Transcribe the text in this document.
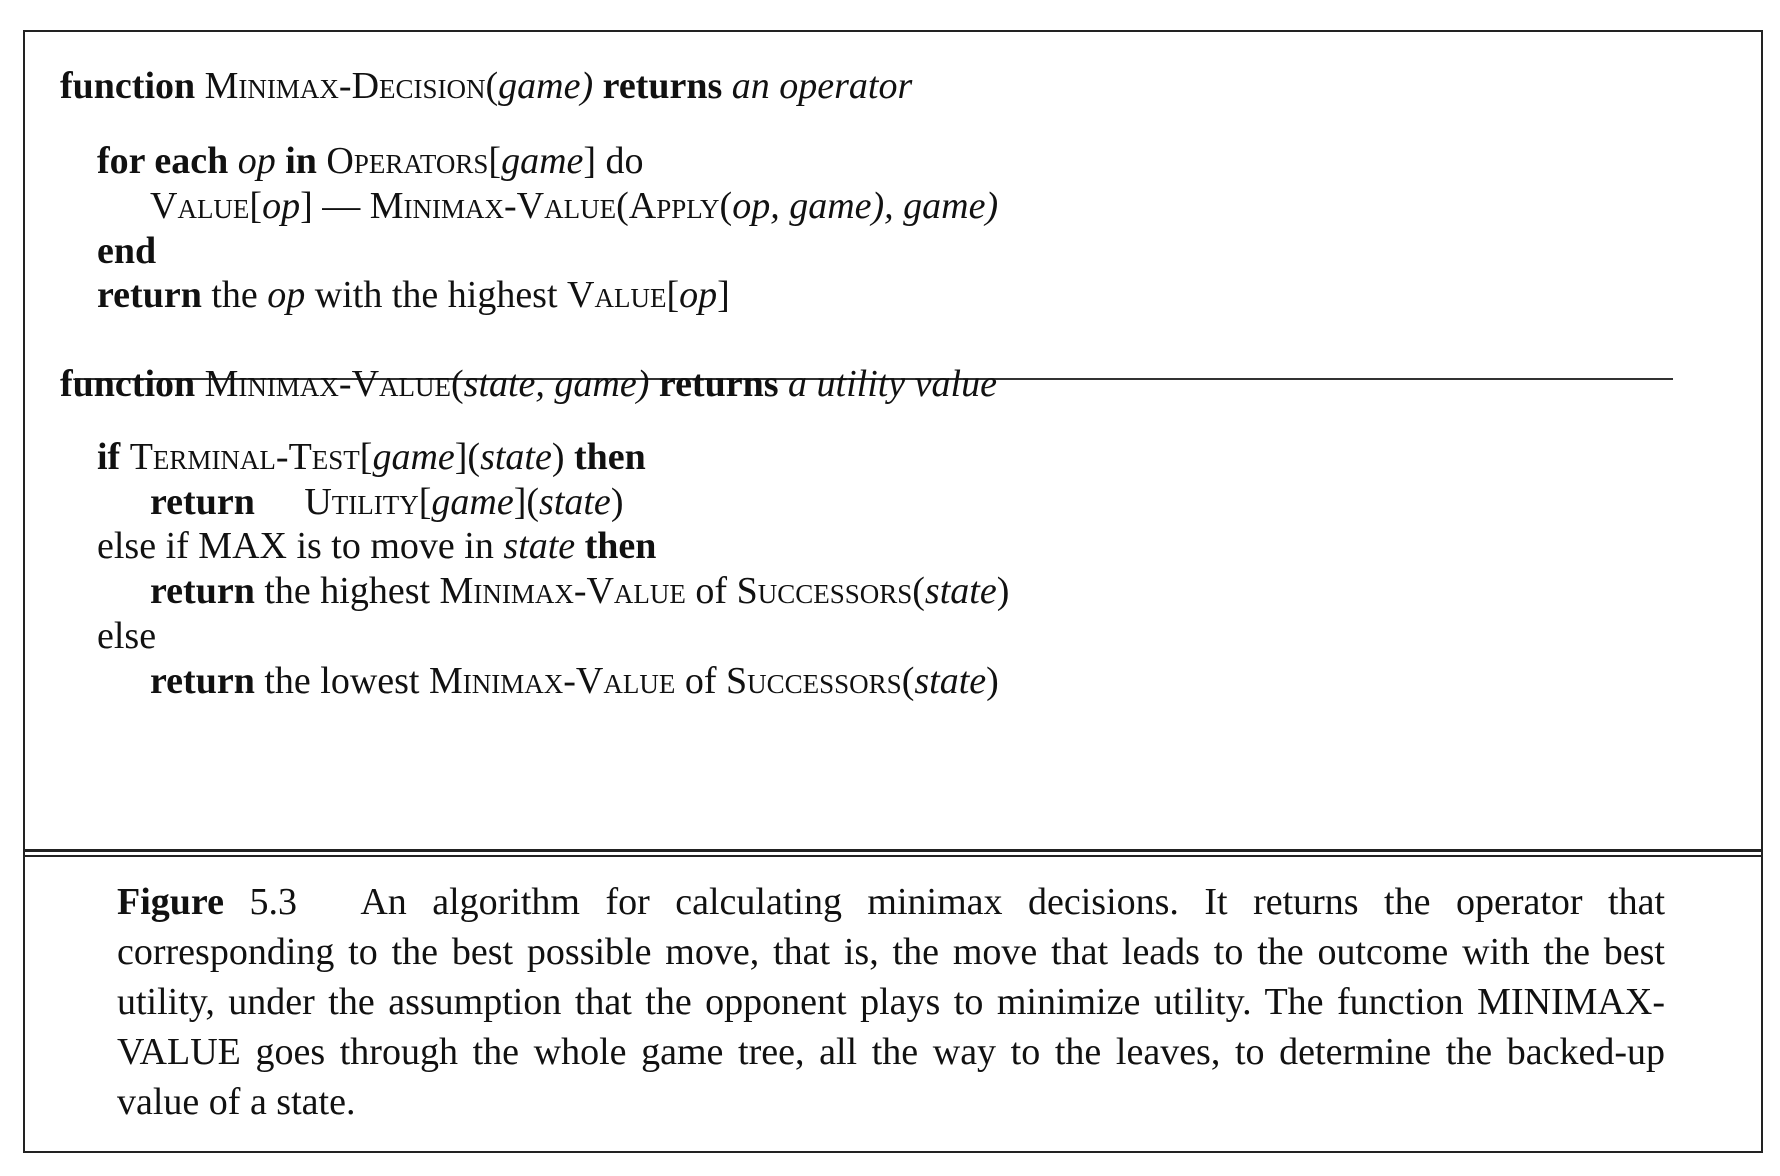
function Minimax-Decision(game) returns an operator
for each op in Operators[game] do
Value[op] — Minimax-Value(Apply(op, game), game)
end
return the op with the highest Value[op]
function Minimax-Value(state, game) returns a utility value
if Terminal-Test[game](state) then
return Utility[game](state)
else if MAX is to move in state then
return the highest Minimax-Value of Successors(state)
else
return the lowest Minimax-Value of Successors(state)
Figure 5.3 An algorithm for calculating minimax decisions. It returns the operator that corresponding to the best possible move, that is, the move that leads to the outcome with the best utility, under the assumption that the opponent plays to minimize utility. The function MINIMAX-VALUE goes through the whole game tree, all the way to the leaves, to determine the backed-up value of a state.
